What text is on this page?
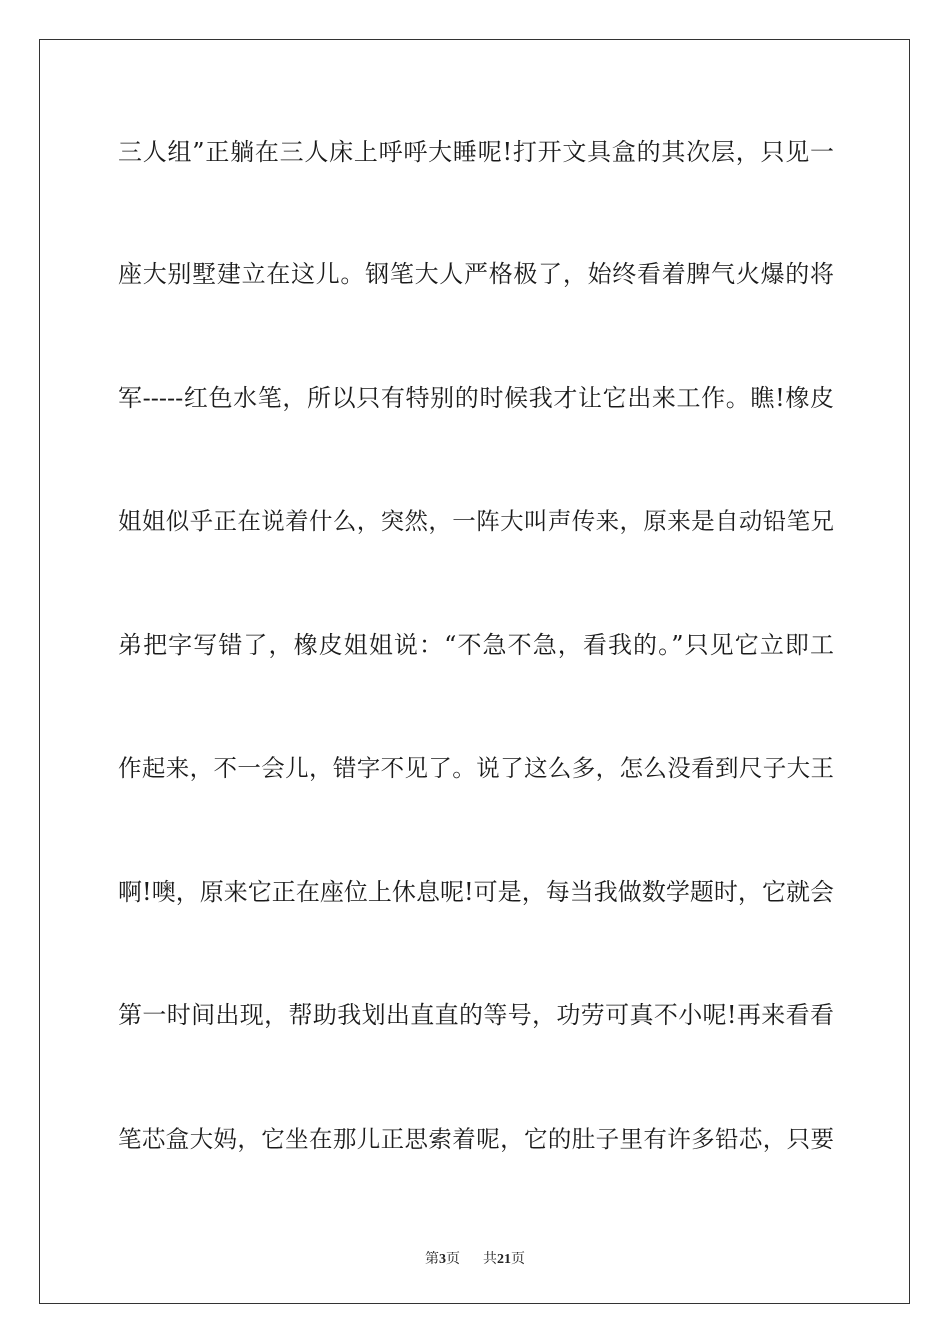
三人组”正躺在三人床上呼呼大睡呢!打开文具盒的其次层，只见一

座大别墅建立在这儿。钢笔大人严格极了，始终看着脾气火爆的将

军-----红色水笔，所以只有特别的时候我才让它出来工作。瞧!橡皮

姐姐似乎正在说着什么，突然，一阵大叫声传来，原来是自动铅笔兄

弟把字写错了，橡皮姐姐说：“不急不急，看我的。”只见它立即工

作起来，不一会儿，错字不见了。说了这么多，怎么没看到尺子大王

啊!噢，原来它正在座位上休息呢!可是，每当我做数学题时，它就会

第一时间出现，帮助我划出直直的等号，功劳可真不小呢!再来看看

笔芯盒大妈，它坐在那儿正思索着呢，它的肚子里有许多铅芯，只要

第3页 共21页
